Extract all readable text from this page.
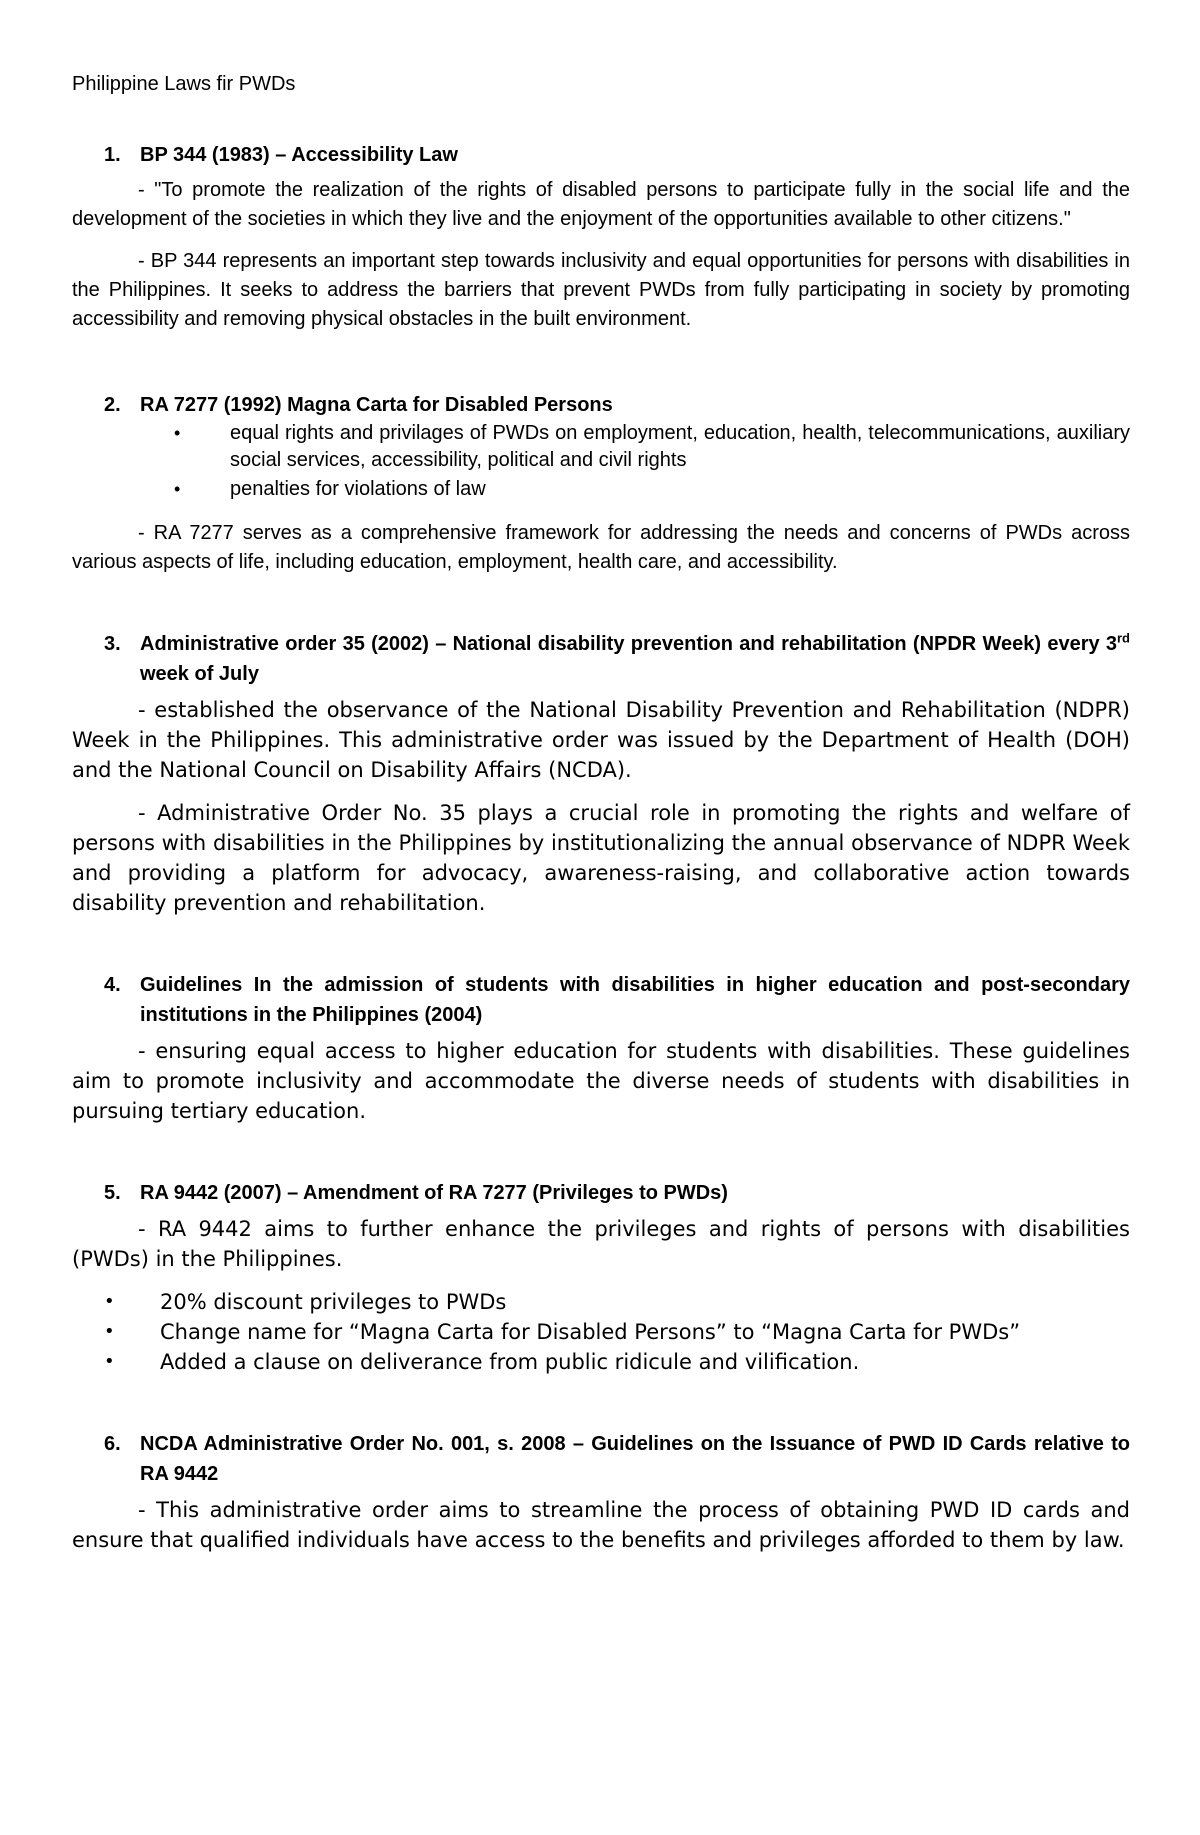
Philippine Laws fir PWDs

1. BP 344 (1983) – Accessibility Law

- "To promote the realization of the rights of disabled persons to participate fully in the social life and the development of the societies in which they live and the enjoyment of the opportunities available to other citizens."

- BP 344 represents an important step towards inclusivity and equal opportunities for persons with disabilities in the Philippines. It seeks to address the barriers that prevent PWDs from fully participating in society by promoting accessibility and removing physical obstacles in the built environment.

2. RA 7277 (1992) Magna Carta for Disabled Persons
•	equal rights and privilages of PWDs on employment, education, health, telecommunications, auxiliary social services, accessibility, political and civil rights
•	penalties for violations of law

- RA 7277 serves as a comprehensive framework for addressing the needs and concerns of PWDs across various aspects of life, including education, employment, health care, and accessibility.

3. Administrative order 35 (2002) – National disability prevention and rehabilitation (NPDR Week) every 3rd week of July

- established the observance of the National Disability Prevention and Rehabilitation (NDPR) Week in the Philippines. This administrative order was issued by the Department of Health (DOH) and the National Council on Disability Affairs (NCDA).

- Administrative Order No. 35 plays a crucial role in promoting the rights and welfare of persons with disabilities in the Philippines by institutionalizing the annual observance of NDPR Week and providing a platform for advocacy, awareness-raising, and collaborative action towards disability prevention and rehabilitation.

4. Guidelines In the admission of students with disabilities in higher education and post-secondary institutions in the Philippines (2004)

- ensuring equal access to higher education for students with disabilities. These guidelines aim to promote inclusivity and accommodate the diverse needs of students with disabilities in pursuing tertiary education.

5. RA 9442 (2007) – Amendment of RA 7277 (Privileges to PWDs)

- RA 9442 aims to further enhance the privileges and rights of persons with disabilities (PWDs) in the Philippines.

•	20% discount privileges to PWDs
•	Change name for “Magna Carta for Disabled Persons” to “Magna Carta for PWDs”
•	Added a clause on deliverance from public ridicule and vilification.
6. NCDA Administrative Order No. 001, s. 2008 – Guidelines on the Issuance of PWD ID Cards relative to RA 9442

- This administrative order aims to streamline the process of obtaining PWD ID cards and ensure that qualified individuals have access to the benefits and privileges afforded to them by law.
